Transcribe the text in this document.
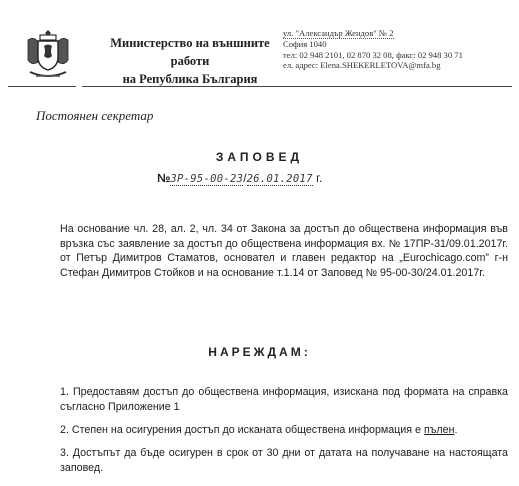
Министерство на външните работи
на Република България
ул. "Александър Жендов" № 2
София 1040
тел: 02 948 2101, 02 870 32 08, факс: 02 948 30 71
ел. адрес: Elena.SHEKERLETOVA@mfa.bg
Постоянен секретар
ЗАПОВЕД
№ЗР-95-00-23/26.01.2017 г.
На основание чл. 28, ал. 2, чл. 34 от Закона за достъп до обществена информация във връзка със заявление за достъп до обществена информация вх. № 17ПР-31/09.01.2017г. от Петър Димитров Стаматов, основател и главен редактор на „Eurochicago.com” г-н Стефан Димитров Стойков и на основание т.1.14 от Заповед № 95-00-30/24.01.2017г.
НАРЕЖДАМ:
1. Предоставям достъп до обществена информация, изискана под формата на справка съгласно Приложение 1
2. Степен на осигурения достъп до исканата обществена информация е пълен.
3. Достъпът да бъде осигурен в срок от 30 дни от датата на получаване на настоящата заповед.
